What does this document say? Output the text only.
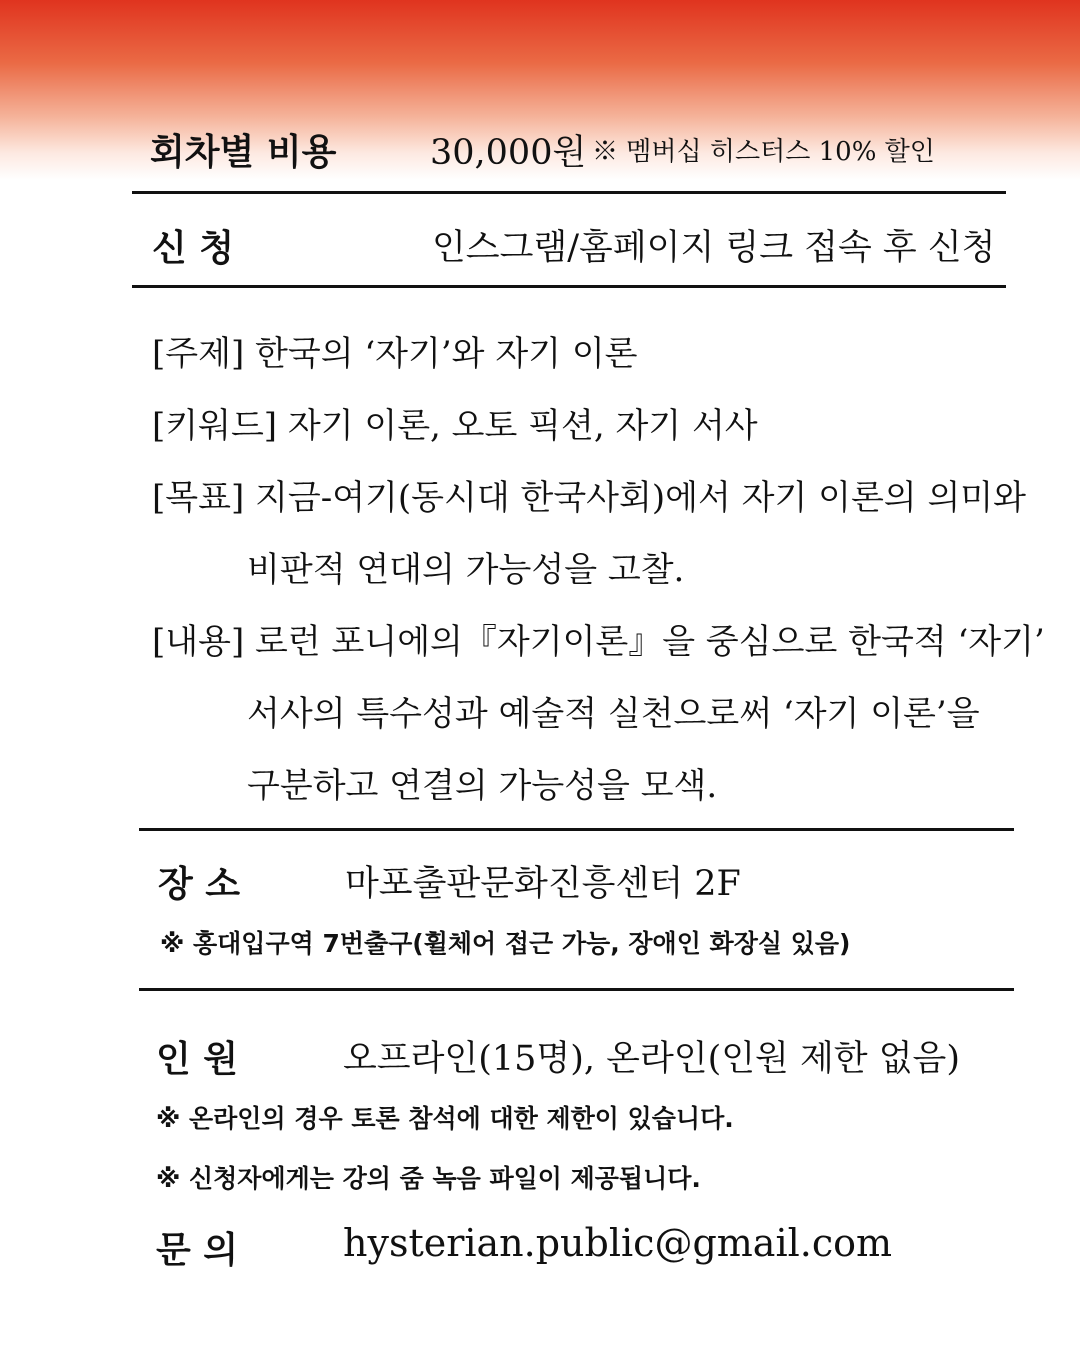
회차별 비용	30,000원 ※ 멤버십 히스터스 10% 할인
신 청	인스그램/홈페이지 링크 접속 후 신청
[주제] 한국의 ‘자기’와 자기 이론
[키워드] 자기 이론, 오토 픽션, 자기 서사
[목표] 지금-여기(동시대 한국사회)에서 자기 이론의 의미와
비판적 연대의 가능성을 고찰.
[내용] 로런 포니에의『자기이론』을 중심으로 한국적 ‘자기’
서사의 특수성과 예술적 실천으로써 ‘자기 이론’을
구분하고 연결의 가능성을 모색.
장 소	마포출판문화진흥센터 2F
※ 홍대입구역 7번출구(휠체어 접근 가능, 장애인 화장실 있음)
인 원	오프라인(15명), 온라인(인원 제한 없음)
※ 온라인의 경우 토론 참석에 대한 제한이 있습니다.
※ 신청자에게는 강의 줌 녹음 파일이 제공됩니다.
문 의	hysterian.public@gmail.com
